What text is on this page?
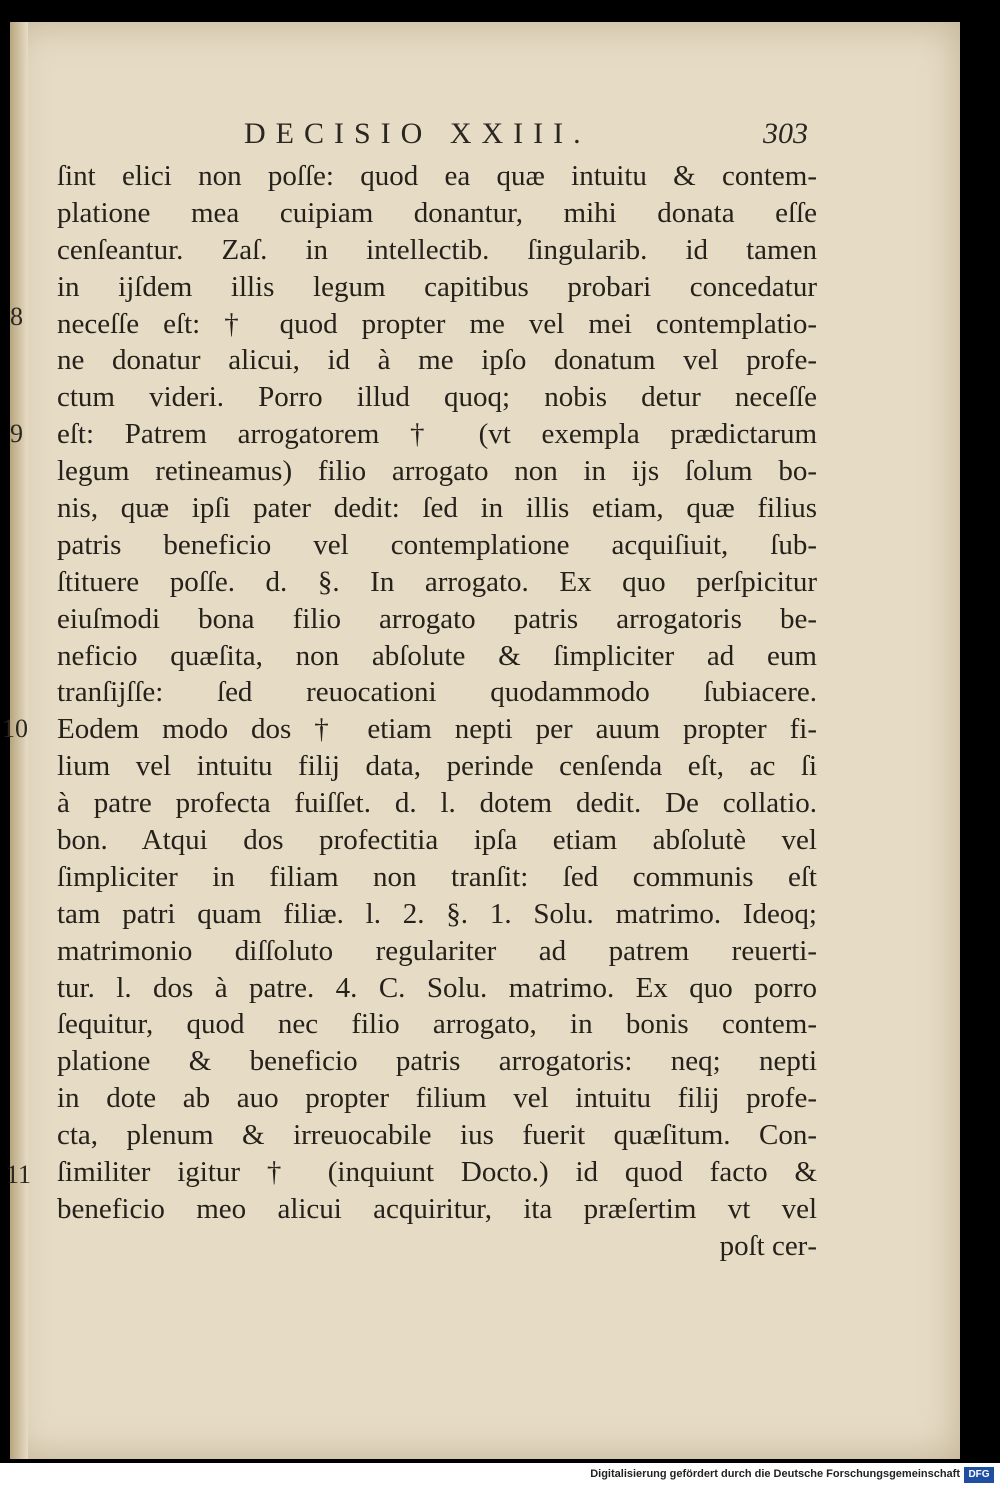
DECISIO XXIII.	303
8
9
10
11
ſint elici non poſſe: quod ea quæ intuitu & contem‐
platione mea cuipiam donantur, mihi donata eſſe
cenſeantur. Zaſ. in intellectib. ſingularib. id tamen
in ijſdem illis legum capitibus probari concedatur
neceſſe eſt: † quod propter me vel mei contemplatio‐
ne donatur alicui, id à me ipſo donatum vel profe‐
ctum videri. Porro illud quoq; nobis detur neceſſe
eſt: Patrem arrogatorem † (vt exempla prædictarum
legum retineamus) filio arrogato non in ijs ſolum bo‐
nis, quæ ipſi pater dedit: ſed in illis etiam, quæ filius
patris beneficio vel contemplatione acquiſiuit, ſub‐
ſtituere poſſe. d. §. In arrogato. Ex quo perſpicitur
eiuſmodi bona filio arrogato patris arrogatoris be‐
neficio quæſita, non abſolute & ſimpliciter ad eum
tranſijſſe: ſed reuocationi quodammodo ſubiacere.
Eodem modo dos † etiam nepti per auum propter fi‐
lium vel intuitu filij data, perinde cenſenda eſt, ac ſi
à patre profecta fuiſſet. d. l. dotem dedit. De collatio.
bon. Atqui dos profectitia ipſa etiam abſolutè vel
ſimpliciter in filiam non tranſit: ſed communis eſt
tam patri quam filiæ. l. 2. §. 1. Solu. matrimo. Ideoq;
matrimonio diſſoluto regulariter ad patrem reuerti‐
tur. l. dos à patre. 4. C. Solu. matrimo. Ex quo porro
ſequitur, quod nec filio arrogato, in bonis contem‐
platione & beneficio patris arrogatoris: neq; nepti
in dote ab auo propter filium vel intuitu filij profe‐
cta, plenum & irreuocabile ius fuerit quæſitum. Con‐
ſimiliter igitur † (inquiunt Docto.) id quod facto &
beneficio meo alicui acquiritur, ita præſertim vt vel
poſt cer‐
Digitalisierung gefördert durch die Deutsche Forschungsgemeinschaft DFG
